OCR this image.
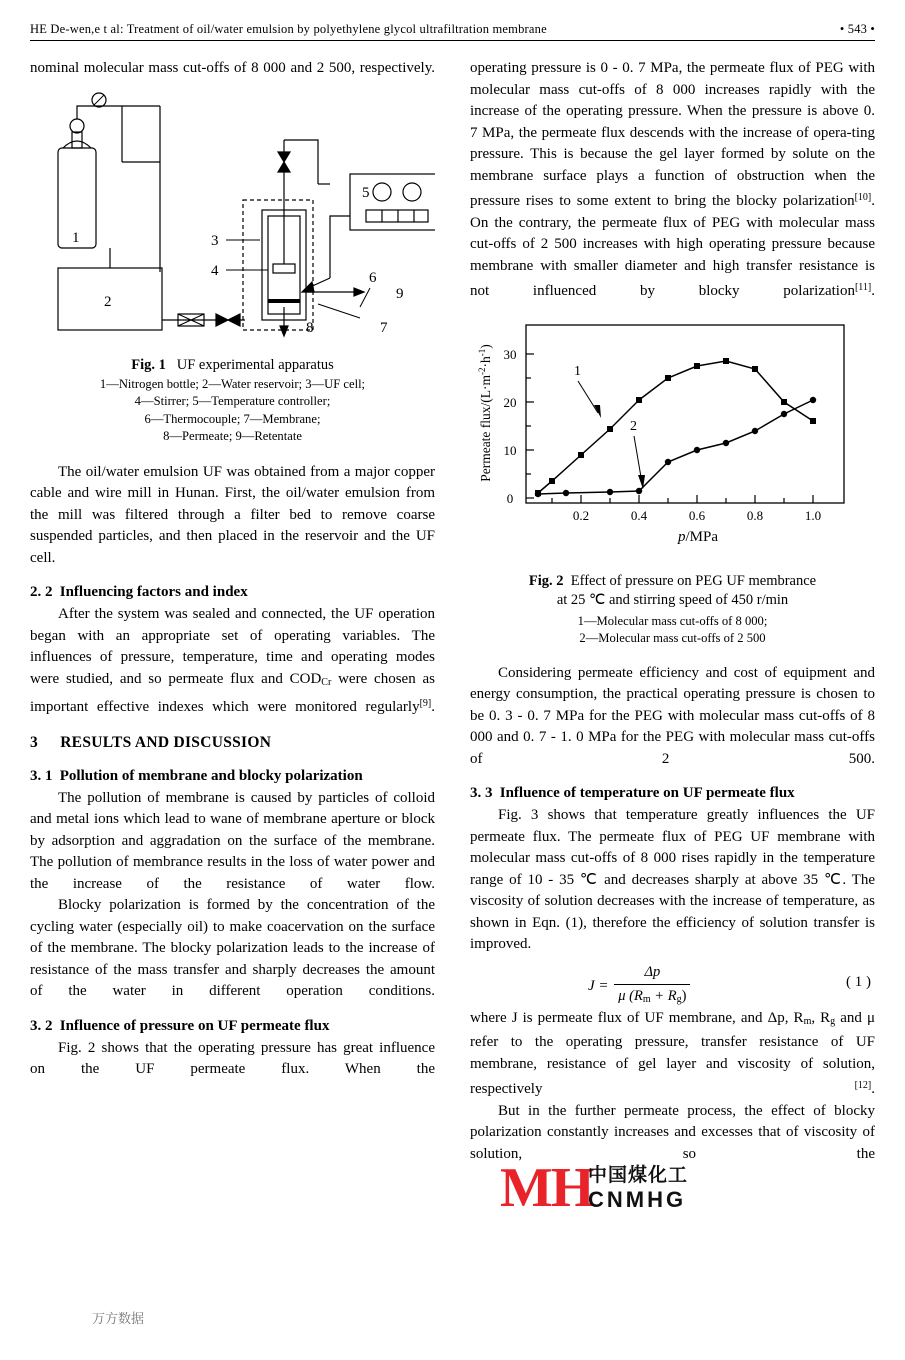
HE De-wen,e t al: Treatment of oil/water emulsion by polyethylene glycol ultrafiltration membrane	• 543 •

nominal molecular mass cut-offs of 8 000 and 2 500, respectively.

1
2
3
4
5
6
7
8
9
Fig. 1 UF experimental apparatus
1—Nitrogen bottle; 2—Water reservoir; 3—UF cell;
4—Stirrer; 5—Temperature controller;
6—Thermocouple; 7—Membrane;
8—Permeate; 9—Retentate

The oil/water emulsion UF was obtained from a major copper cable and wire mill in Hunan. First, the oil/water emulsion from the mill was filtered through a filter bed to remove coarse suspended particles, and then placed in the reservoir and the UF cell.

2. 2 Influencing factors and index

After the system was sealed and connected, the UF operation began with an appropriate set of operating variables. The influences of pressure, temperature, time and operating modes were studied, and so permeate flux and $COD_{Cr}$ were chosen as important effective indexes which were monitored regularly[9].

3 RESULTS AND DISCUSSION
3. 1 Pollution of membrane and blocky polarization

The pollution of membrane is caused by particles of colloid and metal ions which lead to wane of membrane aperture or block by adsorption and aggradation on the surface of the membrane. The pollution of membrance results in the loss of water power and the increase of the resistance of water flow.

Blocky polarization is formed by the concentration of the cycling water (especially oil) to make coacervation on the surface of the membrane. The blocky polarization leads to the increase of resistance of the mass transfer and sharply decreases the amount of the water in different operation conditions.

3. 2 Influence of pressure on UF permeate flux

Fig. 2 shows that the operating pressure has great influence on the UF permeate flux. When the

operating pressure is 0 - 0. 7 MPa, the permeate flux of PEG with molecular mass cut-offs of 8 000 increases rapidly with the increase of the operating pressure. When the pressure is above 0. 7 MPa, the permeate flux descends with the increase of opera-ting pressure. This is because the gel layer formed by solute on the membrane surface plays a function of obstruction when the pressure rises to some extent to bring the blocky polarization[10]. On the contrary, the permeate flux of PEG with molecular mass cut-offs of 2 500 increases with high operating pressure because membrane with smaller diameter and high transfer resistance is not influenced by blocky polarization[11].

0
10
20
30
0.2	0.4	0.6	0.8	1.0
p/MPa
Permeate flux/$(L\cdot m^{-2}\cdot h^{-1})$
1
2
Fig. 2 Effect of pressure on PEG UF membrance
at 25 ℃ and stirring speed of 450 r/min
1—Molecular mass cut-offs of 8 000;
2—Molecular mass cut-offs of 2 500

Considering permeate efficiency and cost of equipment and energy consumption, the practical operating pressure is chosen to be 0. 3 - 0. 7 MPa for the PEG with molecular mass cut-offs of 8 000 and 0. 7 - 1. 0 MPa for the PEG with molecular mass cut-offs of 2 500.

3. 3 Influence of temperature on UF permeate flux

Fig. 3 shows that temperature greatly influences the UF permeate flux. The permeate flux of PEG UF membrane with molecular mass cut-offs of 8 000 rises rapidly in the temperature range of 10 - 35 ℃ and decreases sharply at above 35 ℃. The viscosity of solution decreases with the increase of temperature, as shown in Eqn. (1), therefore the efficiency of solution transfer is improved.

$J = \frac{\Delta p}{\mu (R_m + R_g)}$	( 1 )

where J is permeate flux of UF membrane, and Δp, $R_m$, $R_g$ and μ refer to the operating pressure, transfer resistance of UF membrane, resistance of gel layer and viscosity of solution, respectively [12].

But in the further permeate process, the effect of blocky polarization constantly increases and excesses that of viscosity of solution, so the

MH
中国煤化工
CNMHG
万方数据
